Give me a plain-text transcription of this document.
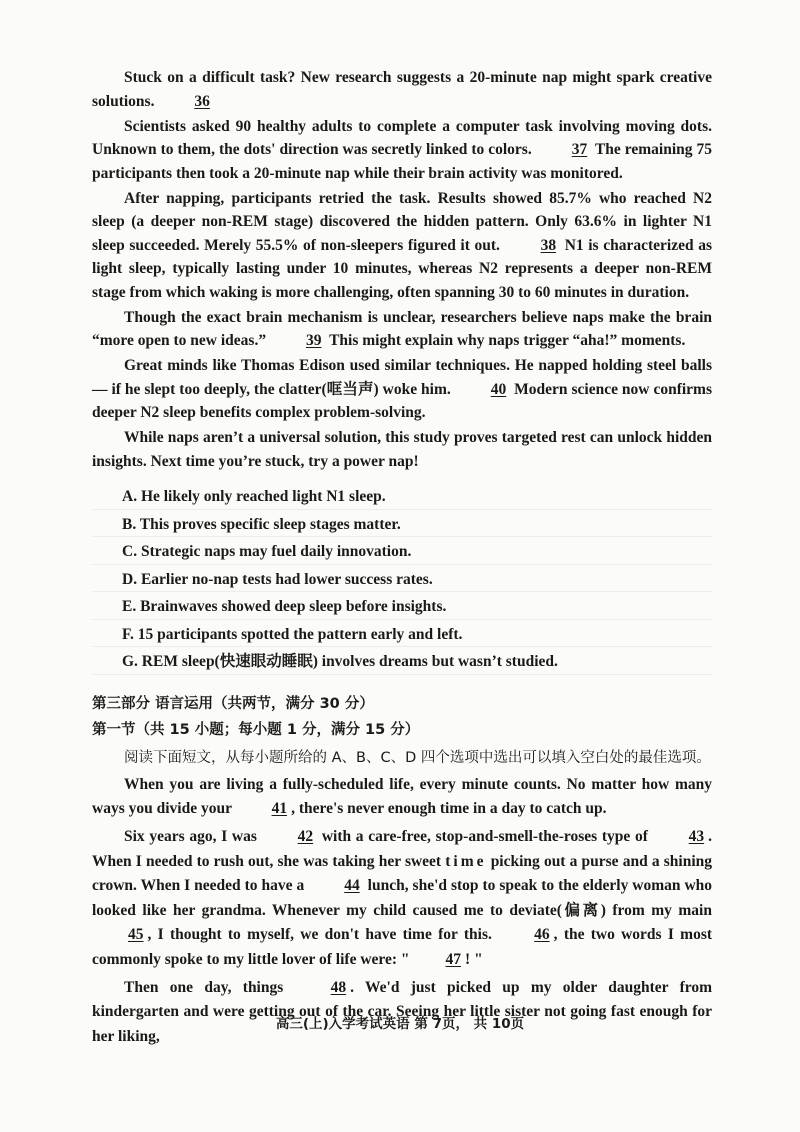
Stuck on a difficult task? New research suggests a 20-minute nap might spark creative solutions.	36

Scientists asked 90 healthy adults to complete a computer task involving moving dots. Unknown to them, the dots' direction was secretly linked to colors.	37 The remaining 75 participants then took a 20-minute nap while their brain activity was monitored.

After napping, participants retried the task. Results showed 85.7% who reached N2 sleep (a deeper non-REM stage) discovered the hidden pattern. Only 63.6% in lighter N1 sleep succeeded. Merely 55.5% of non-sleepers figured it out.	38 N1 is characterized as light sleep, typically lasting under 10 minutes, whereas N2 represents a deeper non-REM stage from which waking is more challenging, often spanning 30 to 60 minutes in duration.

Though the exact brain mechanism is unclear, researchers believe naps make the brain “more open to new ideas.”	39 This might explain why naps trigger “aha!” moments.

Great minds like Thomas Edison used similar techniques. He napped holding steel balls — if he slept too deeply, the clatter(哐当声) woke him.	40 Modern science now confirms deeper N2 sleep benefits complex problem-solving.

While naps aren’t a universal solution, this study proves targeted rest can unlock hidden insights. Next time you’re stuck, try a power nap!

A. He likely only reached light N1 sleep.

B. This proves specific sleep stages matter.

C. Strategic naps may fuel daily innovation.

D. Earlier no-nap tests had lower success rates.

E. Brainwaves showed deep sleep before insights.

F. 15 participants spotted the pattern early and left.

G. REM sleep(快速眼动睡眠) involves dreams but wasn’t studied.

第三部分 语言运用（共两节，满分 30 分）

第一节（共 15 小题；每小题 1 分，满分 15 分）

阅读下面短文，从每小题所给的 A、B、C、D 四个选项中选出可以填入空白处的最佳选项。

When you are living a fully-scheduled life, every minute counts. No matter how many ways you divide your	41 , there's never enough time in a day to catch up.

Six years ago, I was	42 with a care-free, stop-and-smell-the-roses type of	43 . When I needed to rush out, she was taking her sweet time picking out a purse and a shining crown. When I needed to have a	44 lunch, she'd stop to speak to the elderly woman who looked like her grandma. Whenever my child caused me to deviate(偏离) from my main 45 , I thought to myself, we don't have time for this.	46 , the two words I most commonly spoke to my little lover of life were: " 47 ! "

Then one day, things	48 . We'd just picked up my older daughter from kindergarten and were getting out of the car. Seeing her little sister not going fast enough for her liking,

高三(上)入学考试英语 第 7页， 共 10页
